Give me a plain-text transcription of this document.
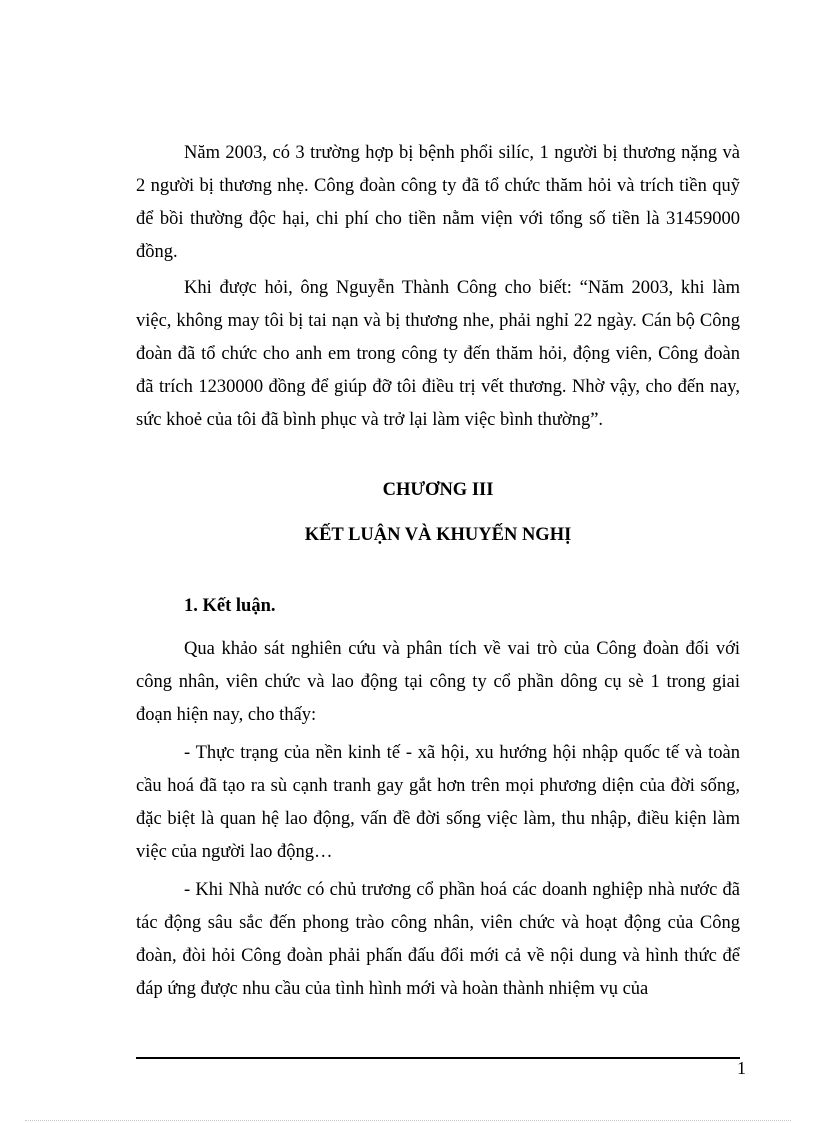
Năm 2003, có 3 trường hợp bị bệnh phổi silíc, 1 người bị thương nặng và 2 người bị thương nhẹ. Công đoàn công ty đã tổ chức thăm hỏi và trích tiền quỹ để bồi thường độc hại, chi phí cho tiền nằm viện với tổng số tiền là 31459000 đồng.

Khi được hỏi, ông Nguyễn Thành Công cho biết: “Năm 2003, khi làm việc, không may tôi bị tai nạn và bị thương nhe, phải nghỉ 22 ngày. Cán bộ Công đoàn đã tổ chức cho anh em trong công ty đến thăm hỏi, động viên, Công đoàn đã trích 1230000 đồng để giúp đỡ tôi điều trị vết thương. Nhờ vậy, cho đến nay, sức khoẻ của tôi đã bình phục và trở lại làm việc bình thường”.

CHƯƠNG III

KẾT LUẬN VÀ KHUYẾN NGHỊ

1. Kết luận.

Qua khảo sát nghiên cứu và phân tích về vai trò của Công đoàn đối với công nhân, viên chức và lao động tại công ty cổ phần dông cụ sè 1 trong giai đoạn hiện nay, cho thấy:

- Thực trạng của nền kinh tế - xã hội, xu hướng hội nhập quốc tế và toàn cầu hoá đã tạo ra sù cạnh tranh gay gắt hơn trên mọi phương diện của đời sống, đặc biệt là quan hệ lao động, vấn đề đời sống việc làm, thu nhập, điều kiện làm việc của người lao động…

- Khi Nhà nước có chủ trương cổ phần hoá các doanh nghiệp nhà nước đã tác động sâu sắc đến phong trào công nhân, viên chức và hoạt động của Công đoàn, đòi hỏi Công đoàn phải phấn đấu đổi mới cả về nội dung và hình thức để đáp ứng được nhu cầu của tình hình mới và hoàn thành nhiệm vụ của

1
